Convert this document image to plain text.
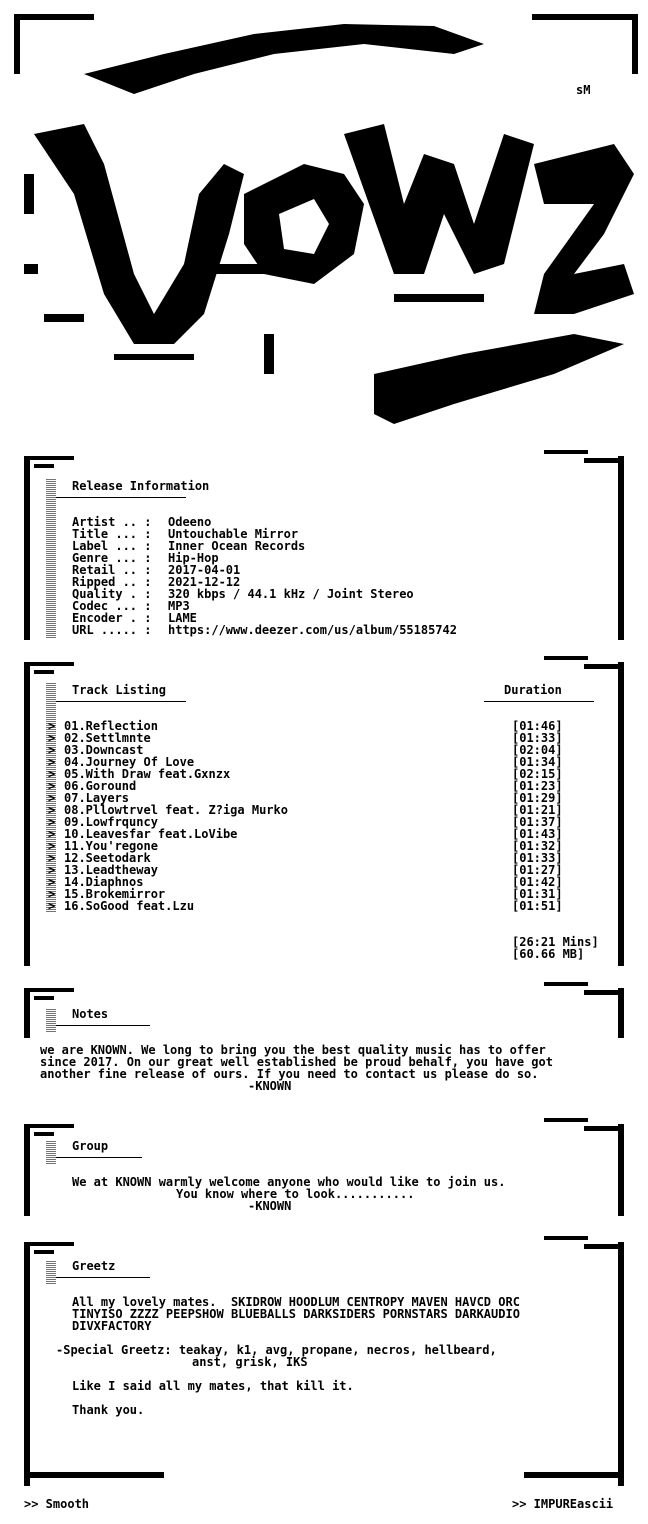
sM
Release Information
Artist .. : Odeeno
Title ... : Untouchable Mirror
Label ... : Inner Ocean Records
Genre ... : Hip-Hop
Retail .. : 2017-04-01
Ripped .. : 2021-12-12
Quality . : 320 kbps / 44.1 kHz / Joint Stereo
Codec ... : MP3
Encoder . : LAME
URL ..... : https://www.deezer.com/us/album/55185742
Track Listing	Duration
> 01.Reflection	[01:46]
> 02.Settlmnte	[01:33]
> 03.Downcast	[02:04]
> 04.Journey Of Love	[01:34]
> 05.With Draw feat.Gxnzx	[02:15]
> 06.Goround	[01:23]
> 07.Layers	[01:29]
> 08.Pllowtrvel feat. Z?iga Murko	[01:21]
> 09.Lowfrquncy	[01:37]
> 10.Leavesfar feat.LoVibe	[01:43]
> 11.You'regone	[01:32]
> 12.Seetodark	[01:33]
> 13.Leadtheway	[01:27]
> 14.Diaphnos	[01:42]
> 15.Brokemirror	[01:31]
> 16.SoGood feat.Lzu	[01:51]
[26:21 Mins]
[60.66 MB]
Notes
we are KNOWN. We long to bring you the best quality music has to offer
since 2017. On our great well established be proud behalf, you have got
another fine release of ours. If you need to contact us please do so.
-KNOWN
Group
We at KNOWN warmly welcome anyone who would like to join us.
You know where to look...........
-KNOWN
Greetz
All my lovely mates.  SKIDROW HOODLUM CENTROPY MAVEN HAVCD ORC
TINYISO ZZZZ PEEPSHOW BLUEBALLS DARKSIDERS PORNSTARS DARKAUDIO
DIVXFACTORY
-Special Greetz: teakay, k1, avg, propane, necros, hellbeard,
anst, grisk, IKS
Like I said all my mates, that kill it.
Thank you.
>> Smooth	>> IMPUREascii
